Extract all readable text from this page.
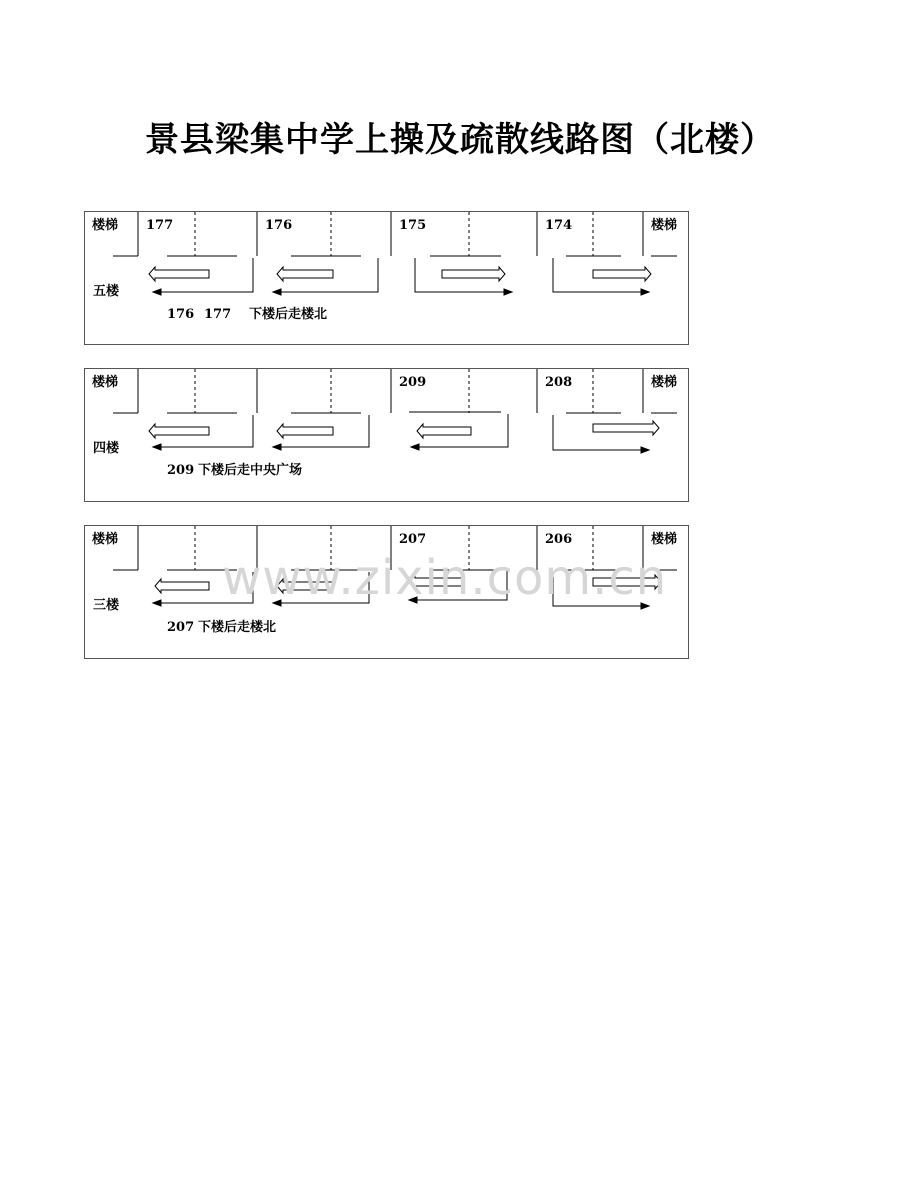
景县梁集中学上操及疏散线路图（北楼）
楼梯 177	176	175	174	楼梯
五楼
176 177 下楼后走楼北
楼梯	209	208	楼梯
四楼
209 下楼后走中央广场
楼梯	207	206	楼梯
三楼
207 下楼后走楼北
www.zixin.com.cn
